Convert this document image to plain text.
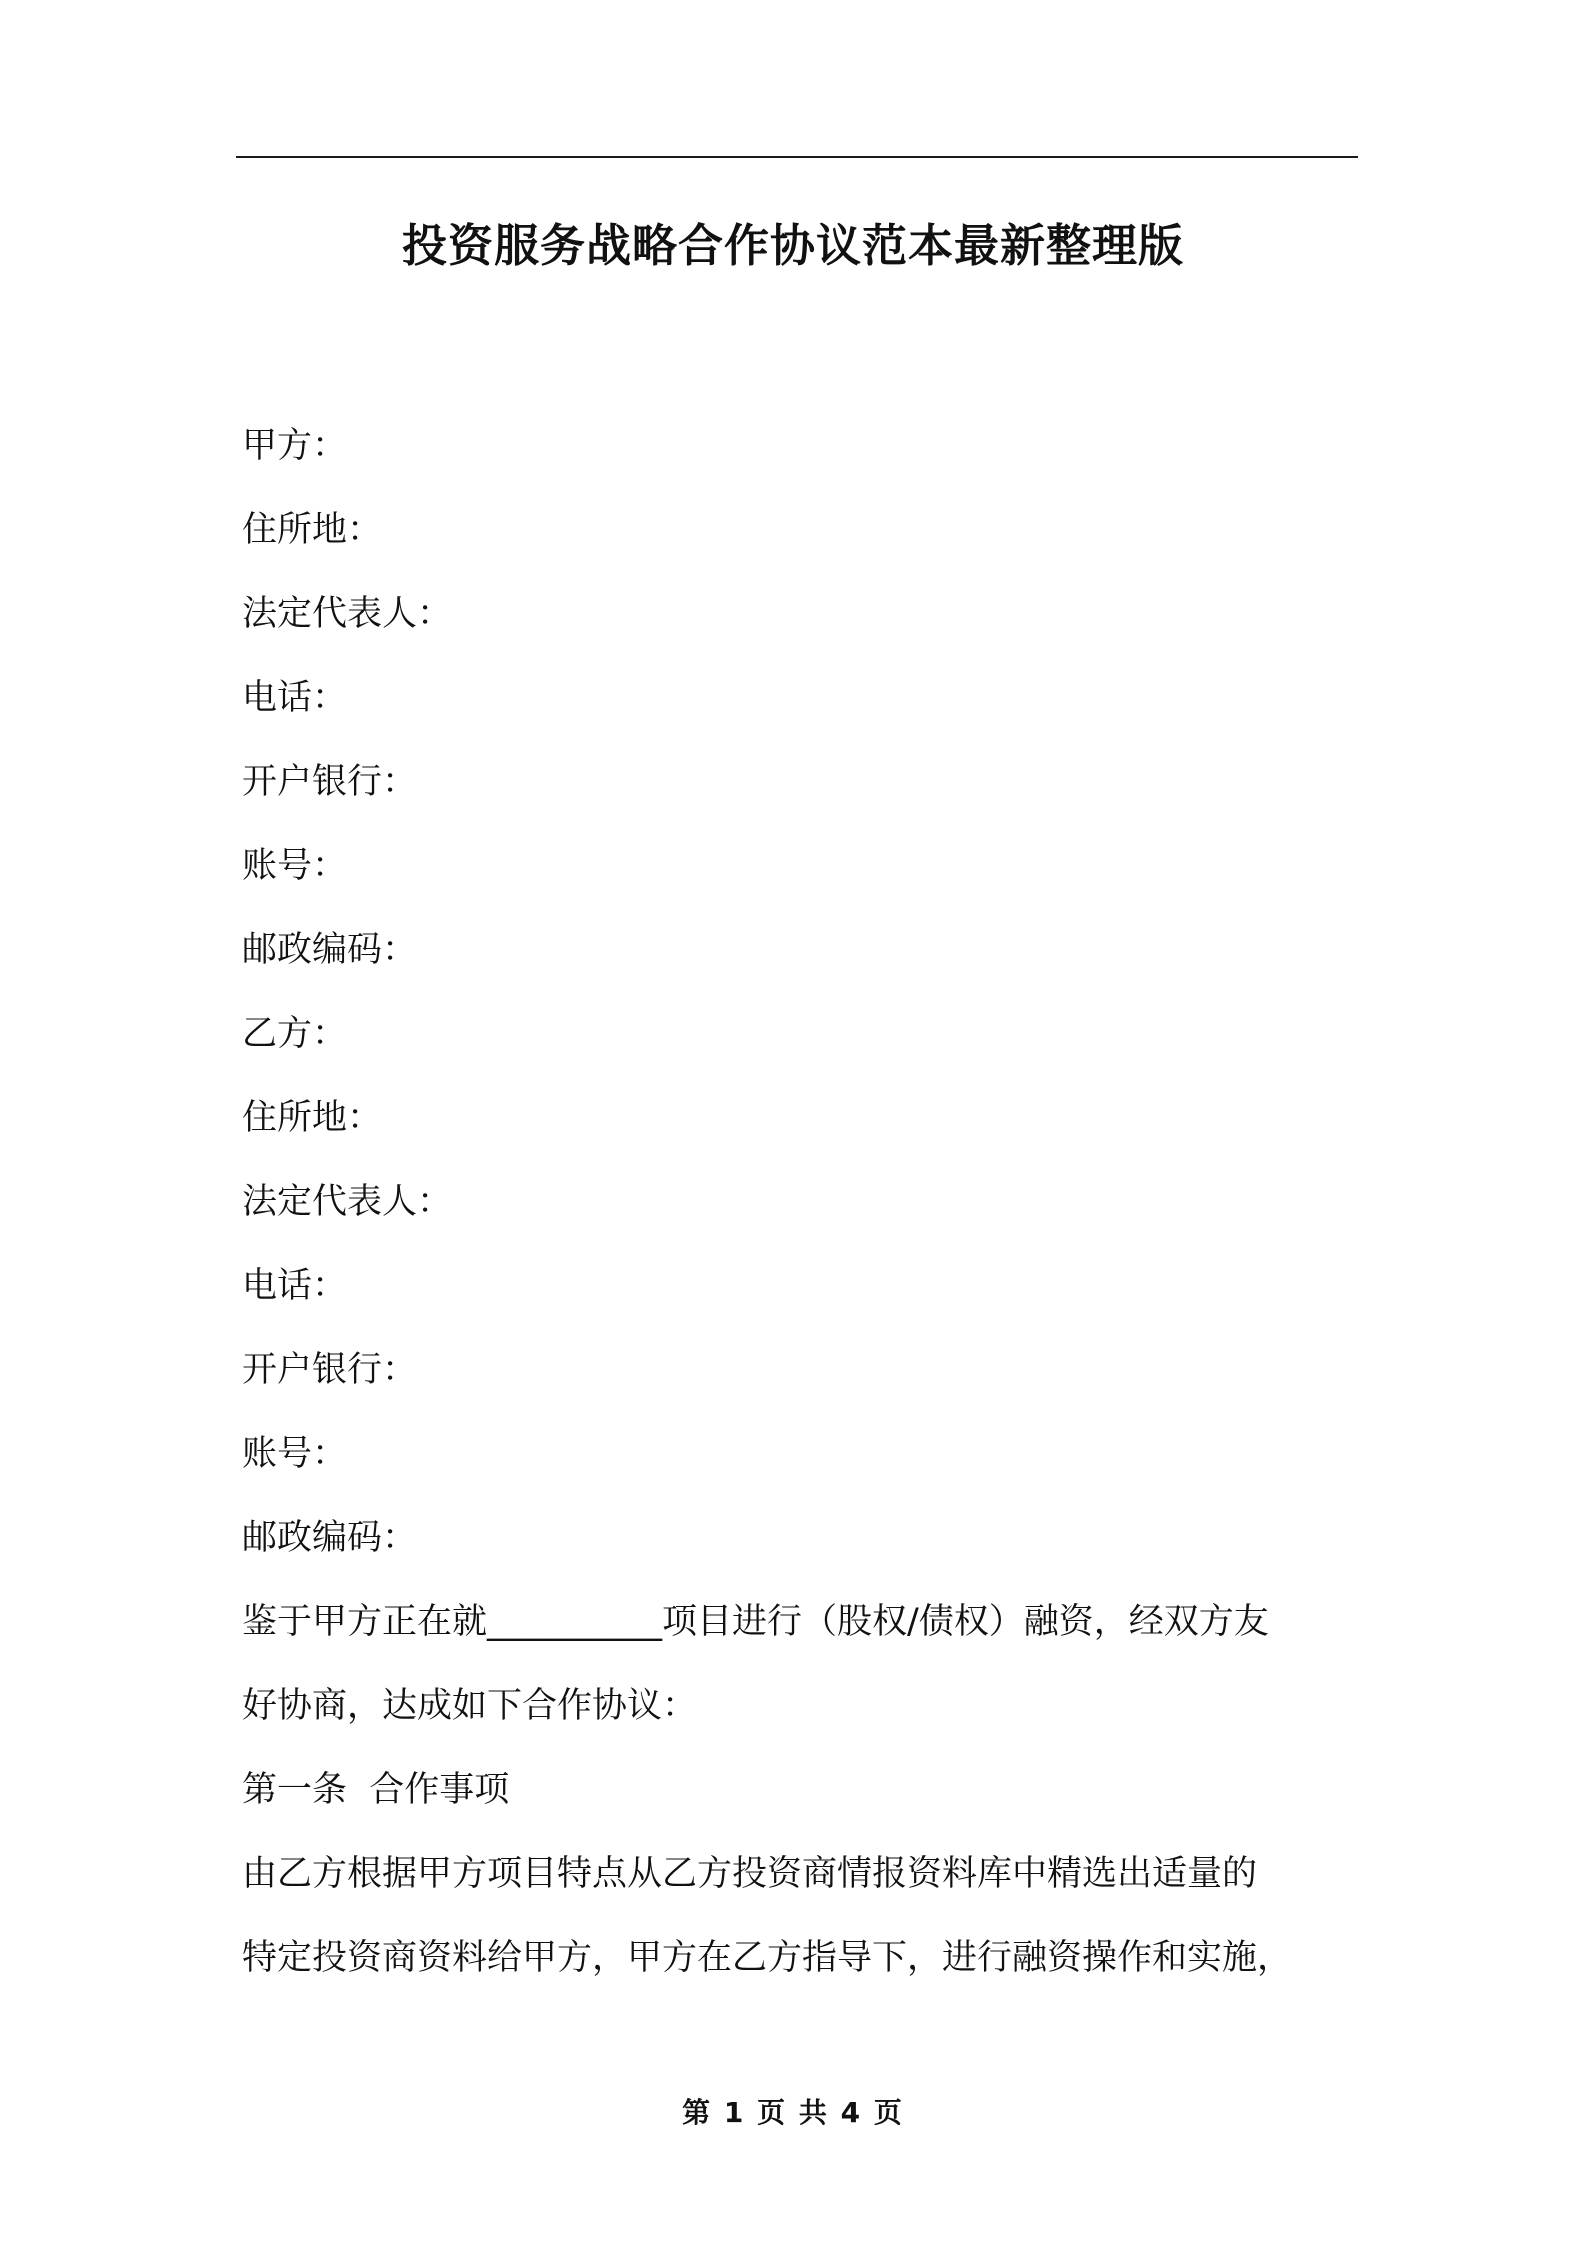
投资服务战略合作协议范本最新整理版
甲方：
住所地：
法定代表人：
电话：
开户银行：
账号：
邮政编码：
乙方：
住所地：
法定代表人：
电话：
开户银行：
账号：
邮政编码：
鉴于甲方正在就__________项目进行（股权/债权）融资，经双方友
好协商，达成如下合作协议：
第一条  合作事项
由乙方根据甲方项目特点从乙方投资商情报资料库中精选出适量的
特定投资商资料给甲方，甲方在乙方指导下，进行融资操作和实施，
第 1 页 共 4 页
